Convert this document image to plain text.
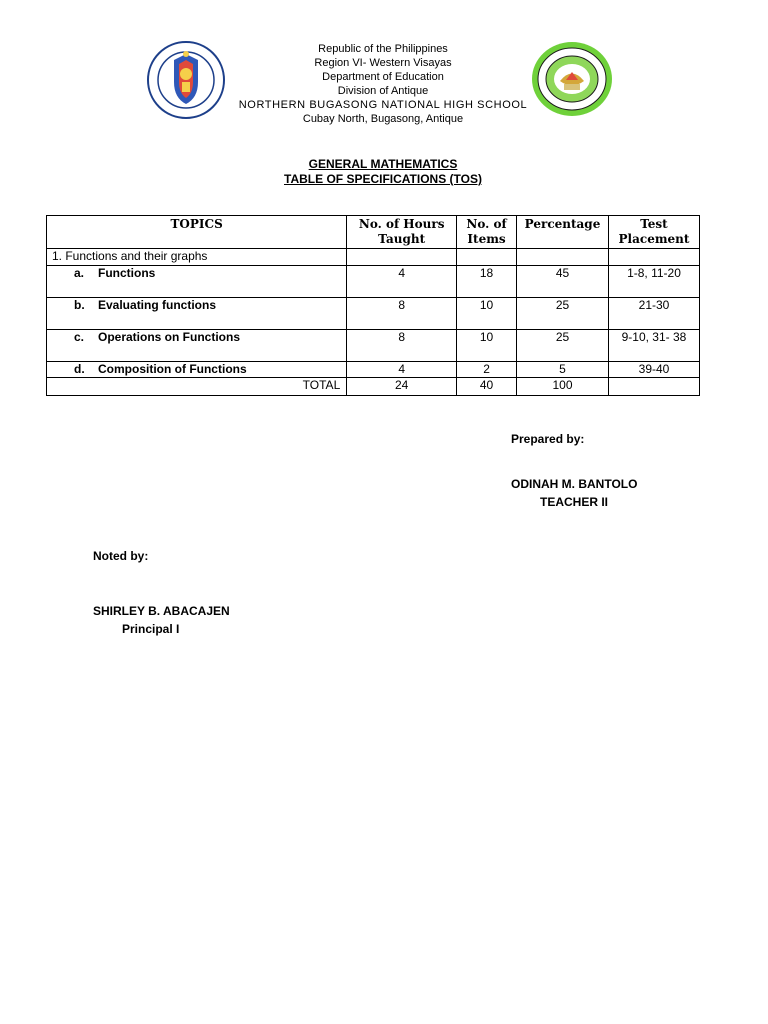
Republic of the Philippines
Region VI- Western Visayas
Department of Education
Division of Antique
NORTHERN BUGASONG NATIONAL HIGH SCHOOL
Cubay North, Bugasong, Antique
GENERAL MATHEMATICS
TABLE OF SPECIFICATIONS (TOS)
TOPICS	No. of Hours Taught	No. of Items	Percentage	Test Placement
1. Functions and their graphs				
a. Functions	4	18	45	1-8, 11-20
b. Evaluating functions	8	10	25	21-30
c. Operations on Functions	8	10	25	9-10, 31- 38
d. Composition of Functions	4	2	5	39-40
TOTAL	24	40	100	
Prepared by:
ODINAH M. BANTOLO
TEACHER II
Noted by:
SHIRLEY B. ABACAJEN
Principal I
